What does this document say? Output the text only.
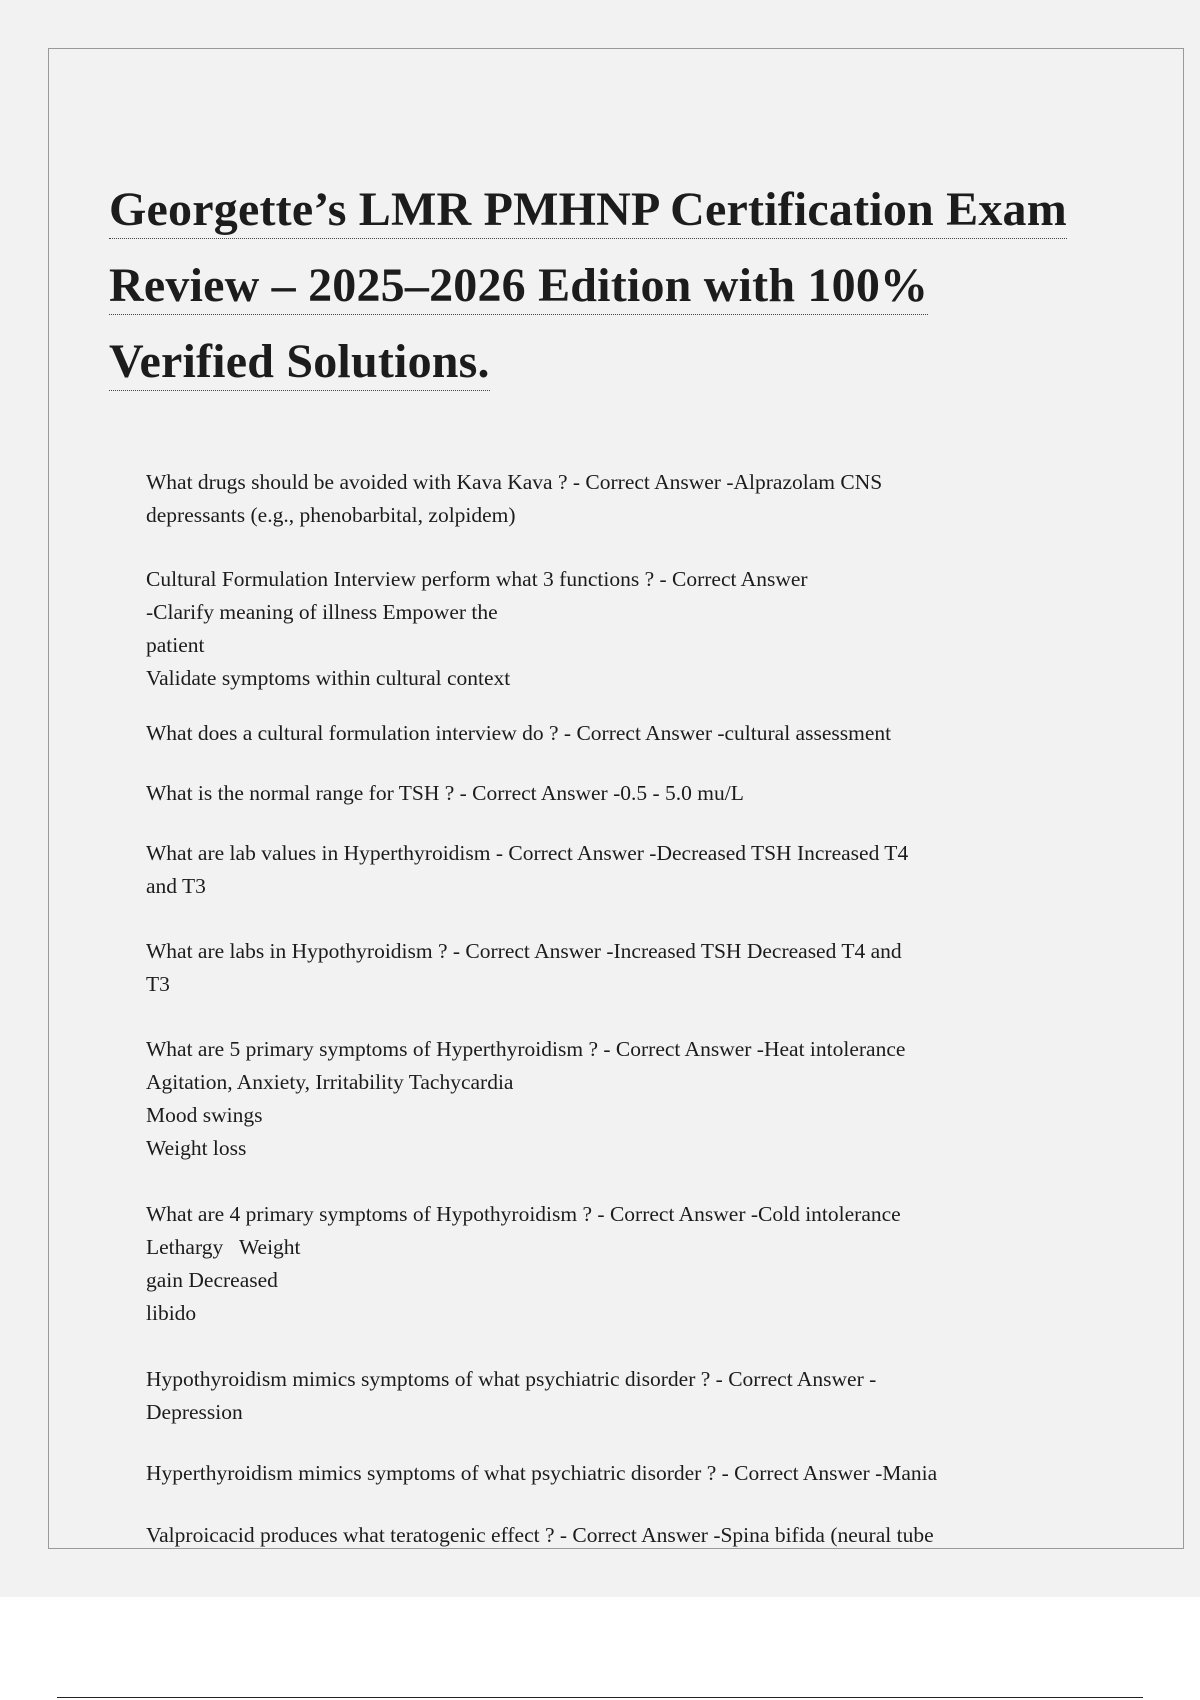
Georgette’s LMR PMHNP Certification Exam
Review – 2025–2026 Edition with 100%
Verified Solutions.
What drugs should be avoided with Kava Kava ? - Correct Answer -Alprazolam CNS
depressants (e.g., phenobarbital, zolpidem)
Cultural Formulation Interview perform what 3 functions ? - Correct Answer
-Clarify meaning of illness Empower the
patient
Validate symptoms within cultural context
What does a cultural formulation interview do ? - Correct Answer -cultural assessment
What is the normal range for TSH ? - Correct Answer -0.5 - 5.0 mu/L
What are lab values in Hyperthyroidism - Correct Answer -Decreased TSH Increased T4
and T3
What are labs in Hypothyroidism ? - Correct Answer -Increased TSH Decreased T4 and
T3
What are 5 primary symptoms of Hyperthyroidism ? - Correct Answer -Heat intolerance
Agitation, Anxiety, Irritability Tachycardia
Mood swings
Weight loss
What are 4 primary symptoms of Hypothyroidism ? - Correct Answer -Cold intolerance
Lethargy   Weight
gain Decreased
libido
Hypothyroidism mimics symptoms of what psychiatric disorder ? - Correct Answer -
Depression
Hyperthyroidism mimics symptoms of what psychiatric disorder ? - Correct Answer -Mania
Valproicacid produces what teratogenic effect ? - Correct Answer -Spina bifida (neural tube
